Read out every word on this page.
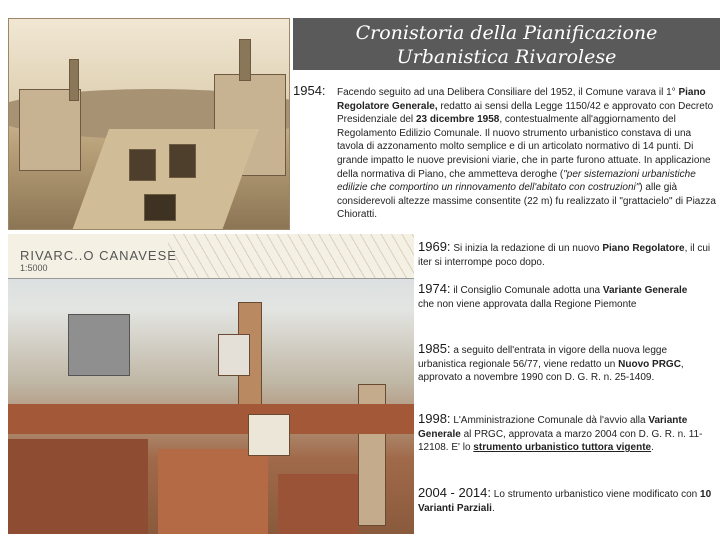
Cronistoria della Pianificazione
Urbanistica Rivarolese
RIVARC..O CANAVESE
1:5000
1954:	Facendo seguito ad una Delibera Consiliare del 1952, il Comune varava il 1° Piano Regolatore Generale, redatto ai sensi della Legge 1150/42 e approvato con Decreto Presidenziale del 23 dicembre 1958, contestualmente all'aggiornamento del Regolamento Edilizio Comunale. Il nuovo strumento urbanistico constava di una tavola di azzonamento molto semplice e di un articolato normativo di 14 punti. Di grande impatto le nuove previsioni viarie, che in parte furono attuate. In applicazione della normativa di Piano, che ammetteva deroghe ("per sistemazioni urbanistiche edilizie che comportino un rinnovamento dell'abitato con costruzioni") alle già considerevoli altezze massime consentite (22 m) fu realizzato il "grattacielo" di Piazza Chioratti.
1969: Si inizia la redazione di un nuovo Piano Regolatore, il cui iter si interrompe poco dopo.
1974: il Consiglio Comunale adotta una Variante Generale che non viene approvata dalla Regione Piemonte
1985: a seguito dell'entrata in vigore della nuova legge urbanistica regionale 56/77, viene redatto un Nuovo PRGC, approvato a novembre 1990 con D. G. R. n. 25-1409.
1998: L'Amministrazione Comunale dà l'avvio alla Variante Generale al PRGC, approvata a marzo 2004 con D. G. R. n. 11-12108. E' lo strumento urbanistico tuttora vigente.
2004 - 2014: Lo strumento urbanistico viene modificato con 10 Varianti Parziali.
